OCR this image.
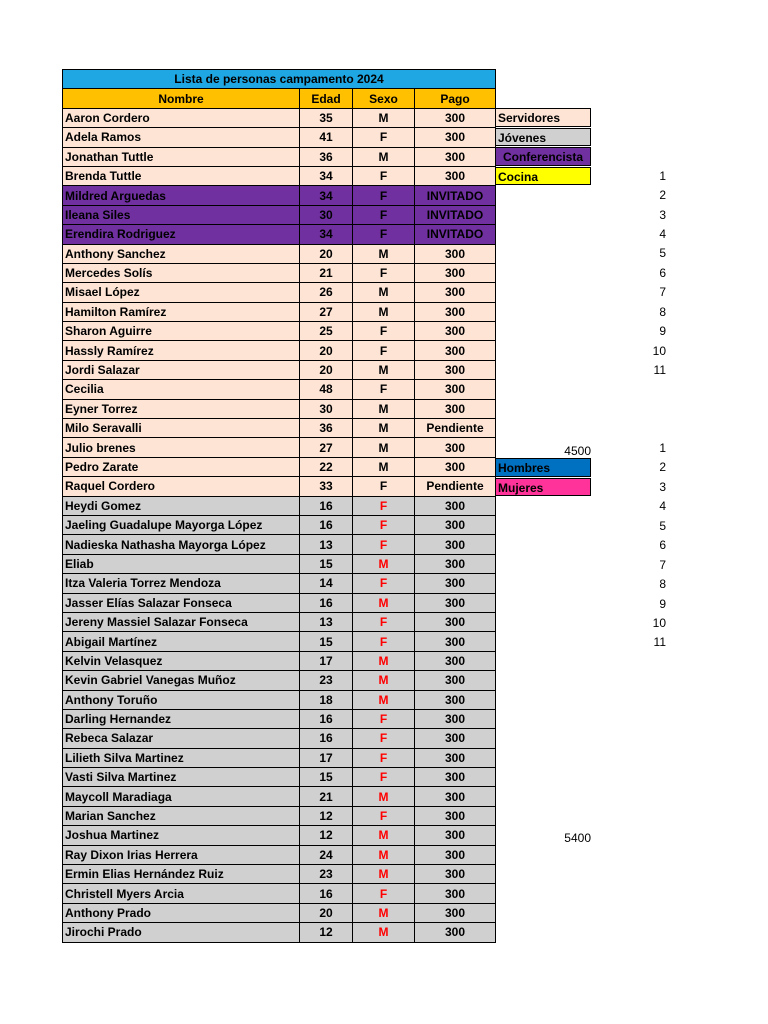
Lista de personas campamento 2024			
Nombre	Edad	Sexo	Pago
Aaron Cordero	35	M	300
Adela Ramos	41	F	300
Jonathan Tuttle	36	M	300
Brenda Tuttle	34	F	300
Mildred Arguedas	34	F	INVITADO
Ileana Siles	30	F	INVITADO
Erendira Rodriguez	34	F	INVITADO
Anthony Sanchez	20	M	300
Mercedes Solís	21	F	300
Misael López	26	M	300
Hamilton Ramírez	27	M	300
Sharon Aguirre	25	F	300
Hassly Ramírez	20	F	300
Jordi Salazar	20	M	300
Cecilia	48	F	300
Eyner Torrez	30	M	300
Milo Seravalli	36	M	Pendiente
Julio brenes	27	M	300
Pedro Zarate	22	M	300
Raquel Cordero	33	F	Pendiente
Heydi Gomez	16	F	300
Jaeling Guadalupe Mayorga López	16	F	300
Nadieska Nathasha Mayorga López	13	F	300
Eliab	15	M	300
Itza Valeria Torrez Mendoza	14	F	300
Jasser Elías Salazar Fonseca	16	M	300
Jereny Massiel Salazar Fonseca	13	F	300
Abigail Martínez	15	F	300
Kelvin Velasquez	17	M	300
Kevin Gabriel Vanegas Muñoz	23	M	300
Anthony Toruño	18	M	300
Darling Hernandez	16	F	300
Rebeca Salazar	16	F	300
Lilieth Silva Martinez	17	F	300
Vasti Silva Martinez	15	F	300
Maycoll Maradiaga	21	M	300
Marian Sanchez	12	F	300
Joshua Martinez	12	M	300
Ray Dixon Irias Herrera	24	M	300
Ermin Elias Hernández Ruiz	23	M	300
Christell Myers Arcia	16	F	300
Anthony Prado	20	M	300
Jirochi Prado	12	M	300
Servidores
Jóvenes
Conferencista
Cocina
Hombres
Mujeres
4500
5400
1
2
3
4
5
6
7
8
9
10
11
1
2
3
4
5
6
7
8
9
10
11
